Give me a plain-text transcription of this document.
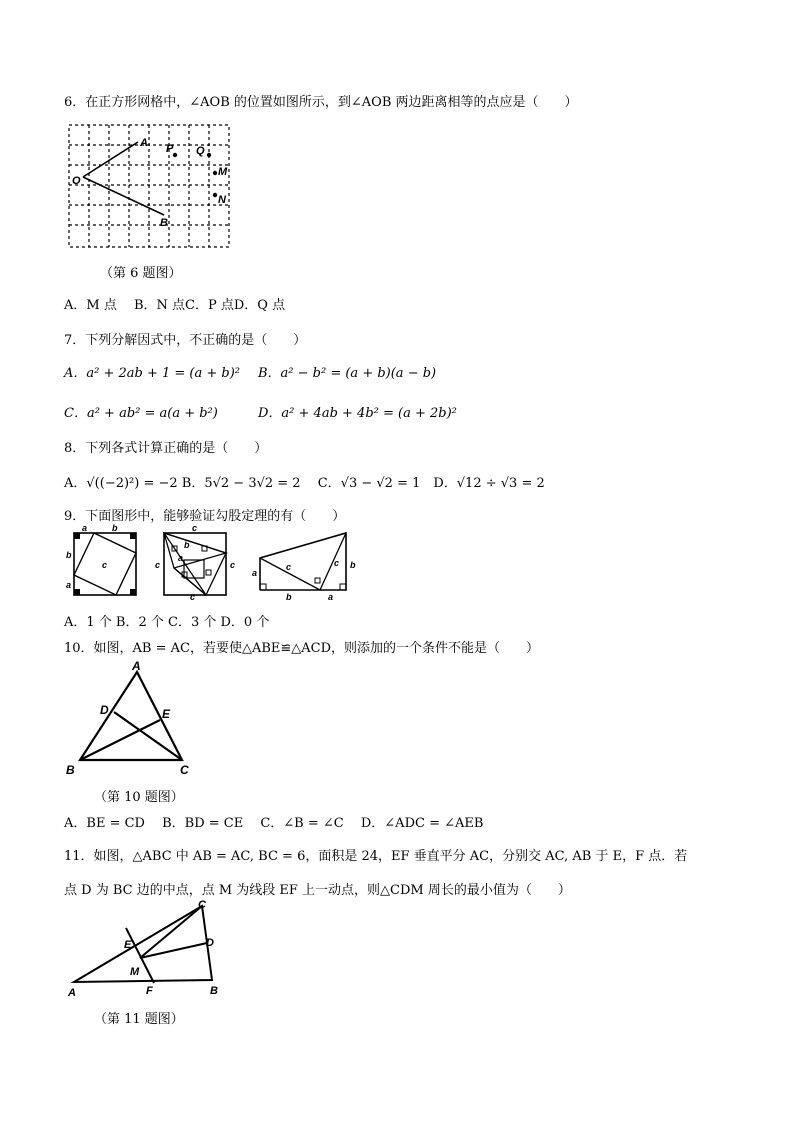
6．在正方形网格中，∠AOB 的位置如图所示，到∠AOB 两边距离相等的点应是（　　）
O
A
B
P Q
M
N
（第 6 题图）
A．M 点　 B．N 点C．P 点D．Q 点
7．下列分解因式中，不正确的是（　　）
A．a² + 2ab + 1 = (a + b)² B．a² − b² = (a + b)(a − b)
C．a² + ab² = a(a + b²)	D．a² + 4ab + 4b² = (a + 2b)²
8．下列各式计算正确的是（　　）
A．√((−2)²) = −2 B．5√2 − 3√2 = 2　 C．√3 − √2 = 1　D．√12 ÷ √3 = 2
9．下面图形中，能够验证勾股定理的有（　　）
a	b
b
a
c
c
c	c
c
b
a
a
b	a
b
c	c
A．1 个 B．2 个 C．3 个 D．0 个
10．如图，AB = AC，若要使△ABE≌△ACD，则添加的一个条件不能是（　　）
A
B	C
D	E
（第 10 题图）
A．BE = CD　 B．BD = CE　 C．∠B = ∠C　 D．∠ADC = ∠AEB
11．如图，△ABC 中 AB = AC, BC = 6，面积是 24，EF 垂直平分 AC，分别交 AC, AB 于 E，F 点．若
点 D 为 BC 边的中点，点 M 为线段 EF 上一动点，则△CDM 周长的最小值为（　　）
A	B
C
D
E
F
M
（第 11 题图）
